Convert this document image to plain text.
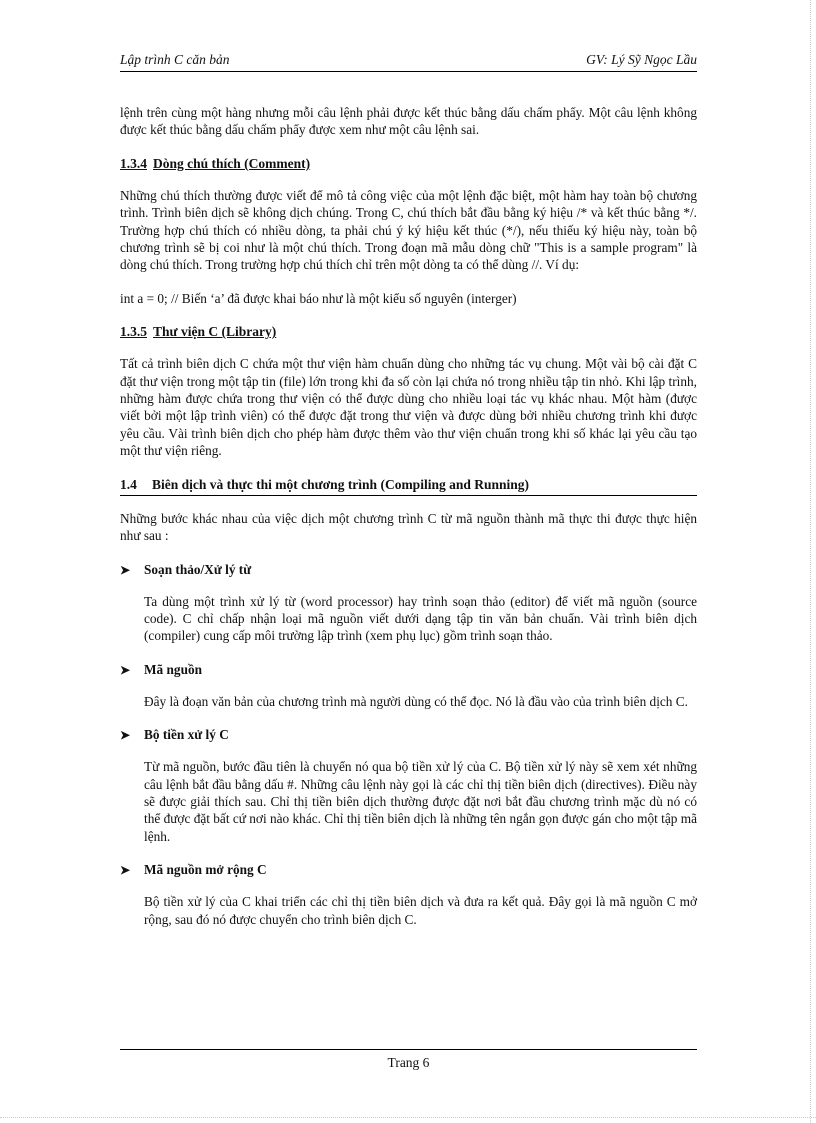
Lập trình C căn bản	GV: Lý Sỹ Ngọc Lầu

lệnh trên cùng một hàng nhưng mỗi câu lệnh phải được kết thúc bằng dấu chấm phẩy. Một câu lệnh không được kết thúc bằng dấu chấm phẩy được xem như một câu lệnh sai.

1.3.4 Dòng chú thích (Comment)

Những chú thích thường được viết để mô tả công việc của một lệnh đặc biệt, một hàm hay toàn bộ chương trình. Trình biên dịch sẽ không dịch chúng. Trong C, chú thích bắt đầu bằng ký hiệu /* và kết thúc bằng */. Trường hợp chú thích có nhiều dòng, ta phải chú ý ký hiệu kết thúc (*/), nếu thiếu ký hiệu này, toàn bộ chương trình sẽ bị coi như là một chú thích. Trong đoạn mã mẫu dòng chữ "This is a sample program" là dòng chú thích. Trong trường hợp chú thích chỉ trên một dòng ta có thể dùng //. Ví dụ:

int a = 0; // Biến ‘a’ đã được khai báo như là một kiểu số nguyên (interger)

1.3.5 Thư viện C (Library)

Tất cả trình biên dịch C chứa một thư viện hàm chuẩn dùng cho những tác vụ chung. Một vài bộ cài đặt C đặt thư viện trong một tập tin (file) lớn trong khi đa số còn lại chứa nó trong nhiều tập tin nhỏ. Khi lập trình, những hàm được chứa trong thư viện có thể được dùng cho nhiều loại tác vụ khác nhau. Một hàm (được viết bởi một lập trình viên) có thể được đặt trong thư viện và được dùng bởi nhiều chương trình khi được yêu cầu. Vài trình biên dịch cho phép hàm được thêm vào thư viện chuẩn trong khi số khác lại yêu cầu tạo một thư viện riêng.

1.4 Biên dịch và thực thi một chương trình (Compiling and Running)

Những bước khác nhau của việc dịch một chương trình C từ mã nguồn thành mã thực thi được thực hiện như sau :

➤ Soạn thảo/Xử lý từ

Ta dùng một trình xử lý từ (word processor) hay trình soạn thảo (editor) để viết mã nguồn (source code). C chỉ chấp nhận loại mã nguồn viết dưới dạng tập tin văn bản chuẩn. Vài trình biên dịch (compiler) cung cấp môi trường lập trình (xem phụ lục) gồm trình soạn thảo.

➤ Mã nguồn

Đây là đoạn văn bản của chương trình mà người dùng có thể đọc. Nó là đầu vào của trình biên dịch C.

➤ Bộ tiền xử lý C

Từ mã nguồn, bước đầu tiên là chuyển nó qua bộ tiền xử lý của C. Bộ tiền xử lý này sẽ xem xét những câu lệnh bắt đầu bằng dấu #. Những câu lệnh này gọi là các chỉ thị tiền biên dịch (directives). Điều này sẽ được giải thích sau. Chỉ thị tiền biên dịch thường được đặt nơi bắt đầu chương trình mặc dù nó có thể được đặt bất cứ nơi nào khác. Chỉ thị tiền biên dịch là những tên ngắn gọn được gán cho một tập mã lệnh.

➤ Mã nguồn mở rộng C

Bộ tiền xử lý của C khai triển các chỉ thị tiền biên dịch và đưa ra kết quả. Đây gọi là mã nguồn C mở rộng, sau đó nó được chuyển cho trình biên dịch C.

Trang 6
